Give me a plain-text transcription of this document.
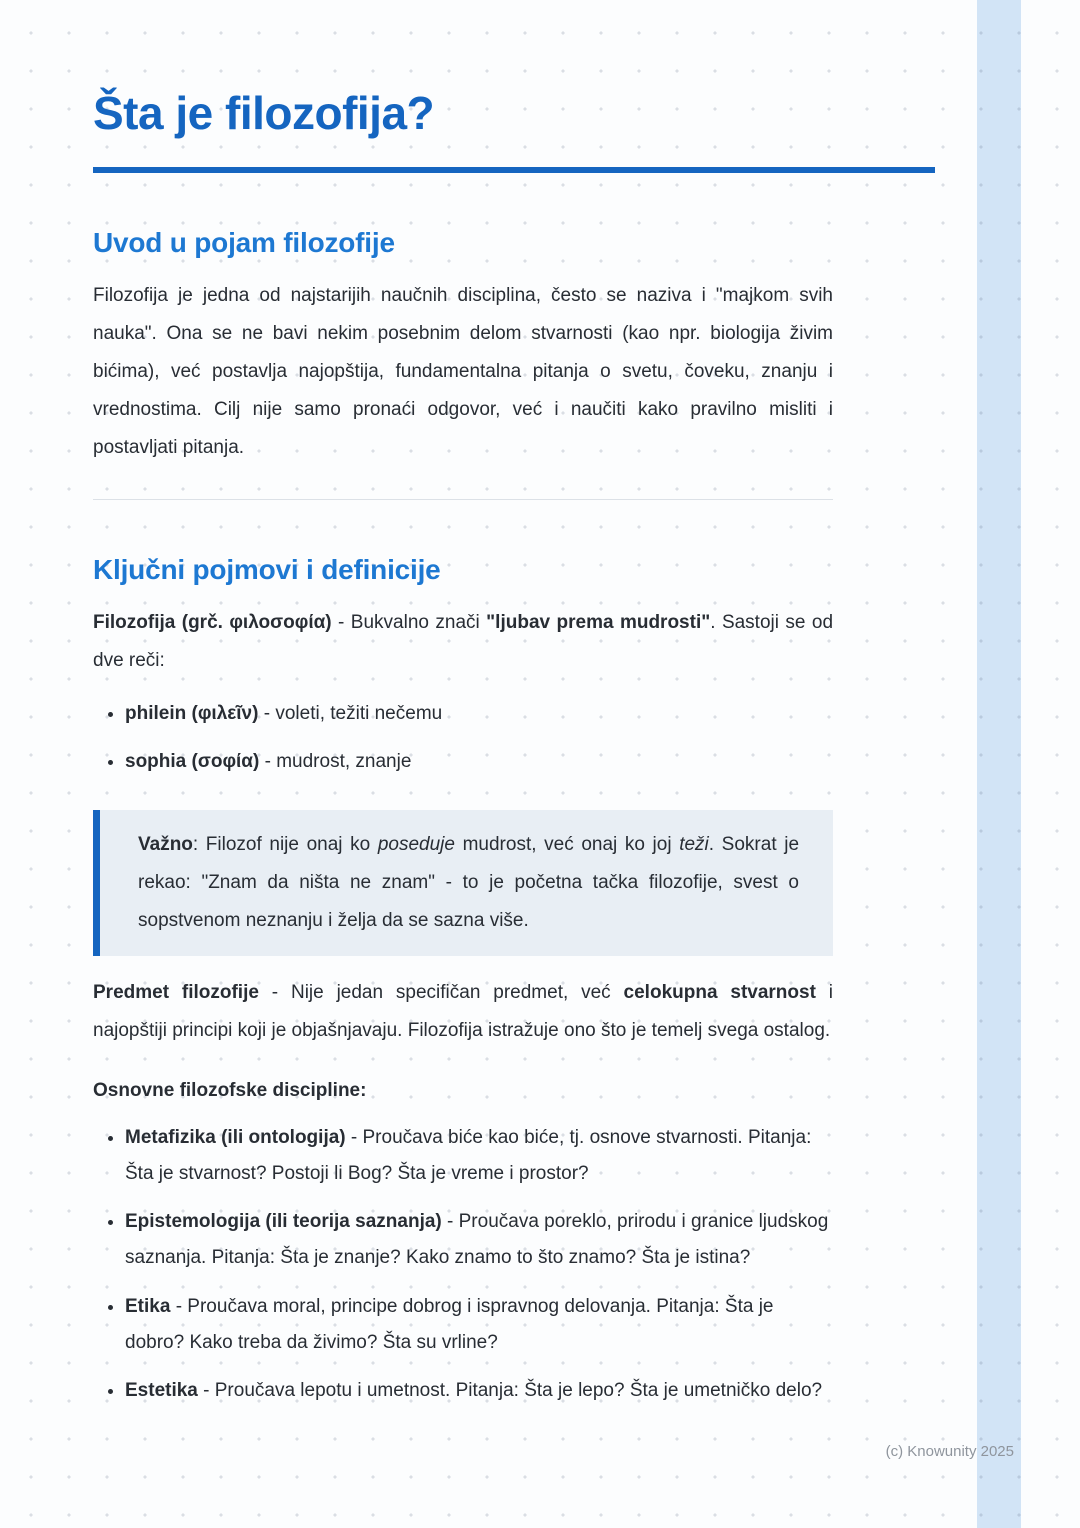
Šta je filozofija?
Uvod u pojam filozofije

Filozofija je jedna od najstarijih naučnih disciplina, često se naziva i "majkom svih nauka". Ona se ne bavi nekim posebnim delom stvarnosti (kao npr. biologija živim bićima), već postavlja najopštija, fundamentalna pitanja o svetu, čoveku, znanju i vrednostima. Cilj nije samo pronaći odgovor, već i naučiti kako pravilno misliti i postavljati pitanja.

Ključni pojmovi i definicije

Filozofija (grč. φιλοσοφία) - Bukvalno znači "ljubav prema mudrosti". Sastoji se od dve reči:

• philein (φιλεῖν) - voleti, težiti nečemu
• sophia (σοφία) - mudrost, znanje

Važno: Filozof nije onaj ko poseduje mudrost, već onaj ko joj teži. Sokrat je rekao: "Znam da ništa ne znam" - to je početna tačka filozofije, svest o sopstvenom neznanju i želja da se sazna više.

Predmet filozofije - Nije jedan specifičan predmet, već celokupna stvarnost i najopštiji principi koji je objašnjavaju. Filozofija istražuje ono što je temelj svega ostalog.

Osnovne filozofske discipline:

• Metafizika (ili ontologija) - Proučava biće kao biće, tj. osnove stvarnosti. Pitanja: Šta je stvarnost? Postoji li Bog? Šta je vreme i prostor?
• Epistemologija (ili teorija saznanja) - Proučava poreklo, prirodu i granice ljudskog saznanja. Pitanja: Šta je znanje? Kako znamo to što znamo? Šta je istina?
• Etika - Proučava moral, principe dobrog i ispravnog delovanja. Pitanja: Šta je dobro? Kako treba da živimo? Šta su vrline?
• Estetika - Proučava lepotu i umetnost. Pitanja: Šta je lepo? Šta je umetničko delo?
(c) Knowunity 2025
